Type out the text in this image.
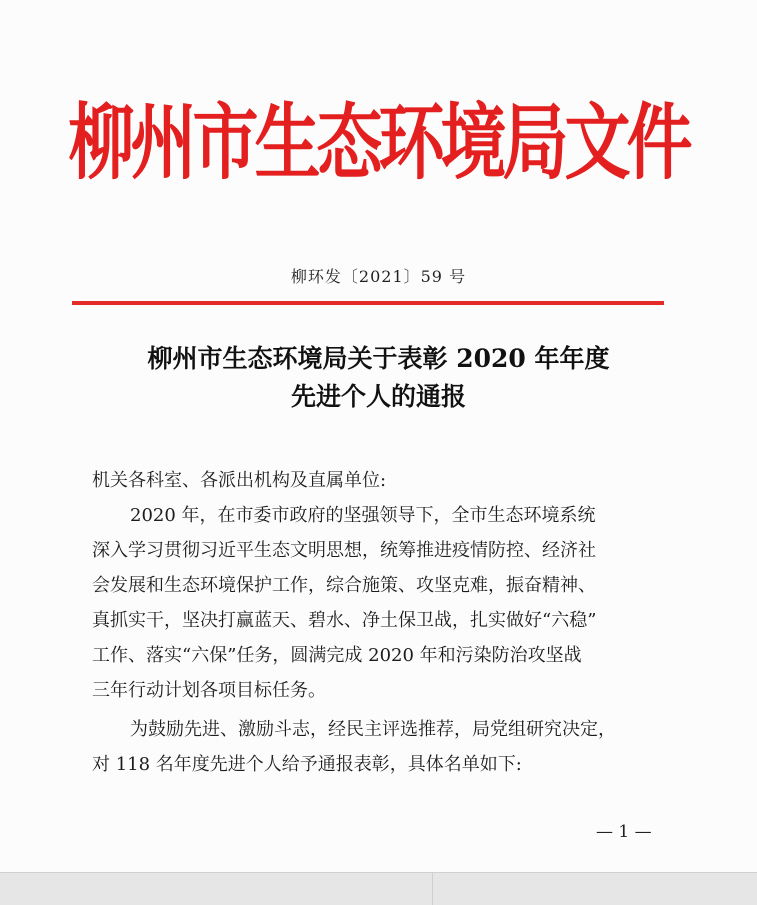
柳州市生态环境局文件
柳环发〔2021〕59 号
柳州市生态环境局关于表彰 2020 年年度
先进个人的通报
机关各科室、各派出机构及直属单位:
2020 年，在市委市政府的坚强领导下，全市生态环境系统
深入学习贯彻习近平生态文明思想，统筹推进疫情防控、经济社
会发展和生态环境保护工作，综合施策、攻坚克难，振奋精神、
真抓实干，坚决打赢蓝天、碧水、净土保卫战，扎实做好“六稳”
工作、落实“六保”任务，圆满完成 2020 年和污染防治攻坚战
三年行动计划各项目标任务。
为鼓励先进、激励斗志，经民主评选推荐，局党组研究决定，
对 118 名年度先进个人给予通报表彰，具体名单如下:
— 1 —
